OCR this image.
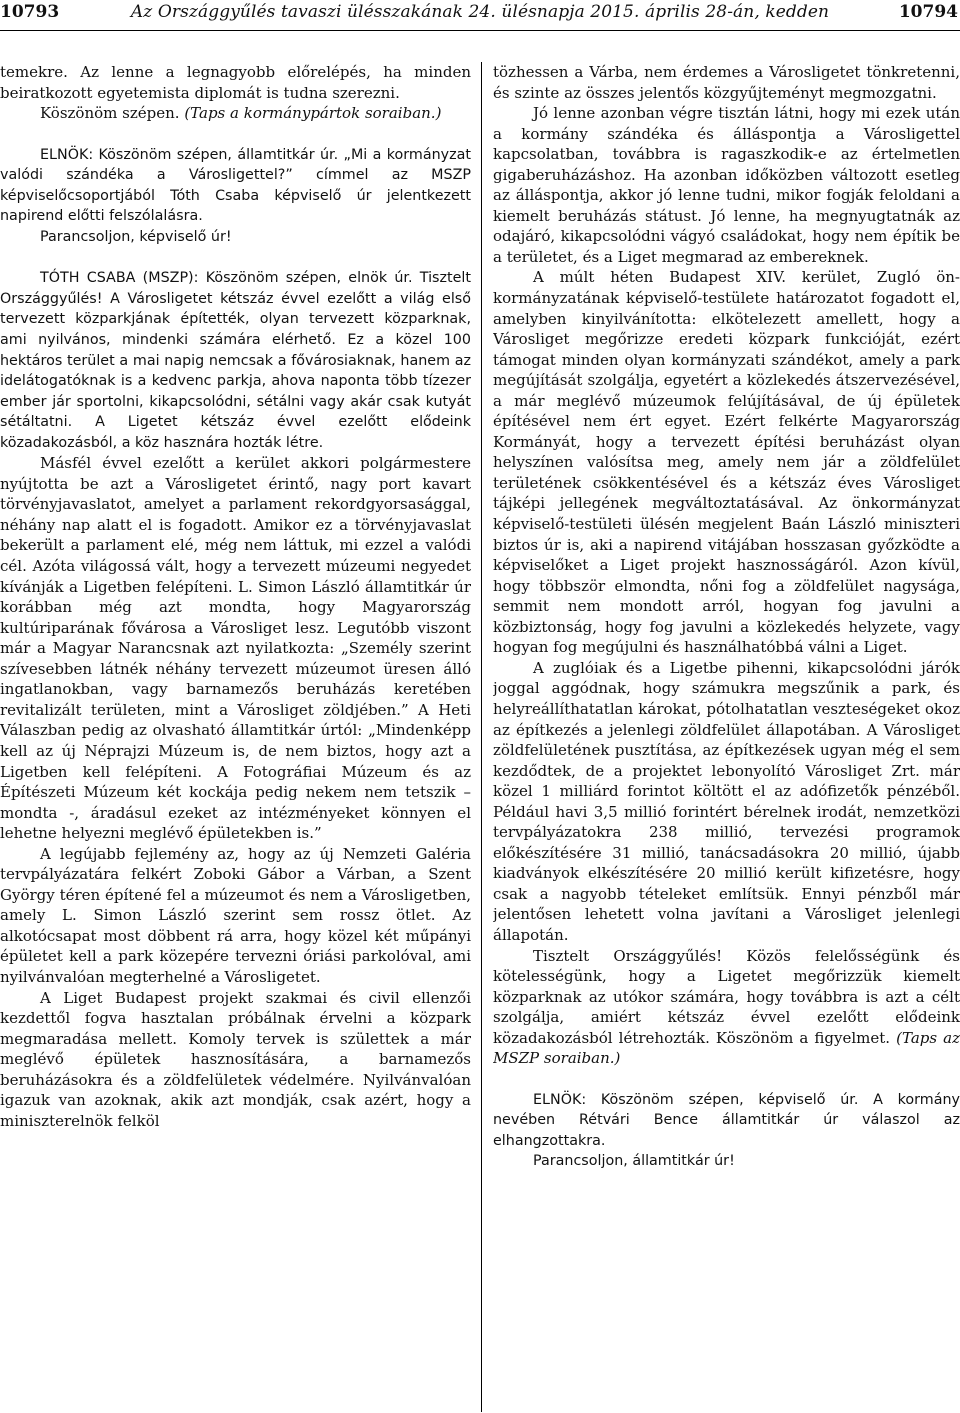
10793	Az Országgyűlés tavaszi ülésszakának 24. ülésnapja 2015. április 28-án, kedden	10794

temekre. Az lenne a legnagyobb előrelépés, ha minden beiratkozott egyetemista diplomát is tudna szerezni.

Köszönöm szépen. (Taps a kormánypártok soraiban.)

ELNÖK: Köszönöm szépen, államtitkár úr. „Mi a kormányzat valódi szándéka a Városligettel?” címmel az MSZP képviselőcsoportjából Tóth Csaba képviselő úr jelentkezett napirend előtti felszólalásra.

Parancsoljon, képviselő úr!

TÓTH CSABA (MSZP): Köszönöm szépen, elnök úr. Tisztelt Országgyűlés! A Városligetet kétszáz évvel ezelőtt a világ első tervezett közparkjának építették, olyan tervezett közparknak, ami nyilvános, mindenki számára elérhető. Ez a közel 100 hektáros terület a mai napig nemcsak a fővárosiaknak, hanem az idelátogatóknak is a kedvenc parkja, ahova naponta több tízezer ember jár sportolni, kikapcsolódni, sétálni vagy akár csak kutyát sétáltatni. A Ligetet kétszáz évvel ezelőtt elődeink közadakozásból, a köz hasznára hozták létre.

Másfél évvel ezelőtt a kerület akkori polgármestere nyújtotta be azt a Városligetet érintő, nagy port kavart törvényjavaslatot, amelyet a parlament rekordgyorsasággal, néhány nap alatt el is fogadott. Amikor ez a törvényjavaslat bekerült a parlament elé, még nem láttuk, mi ezzel a valódi cél. Azóta világossá vált, hogy a tervezett múzeumi negyedet kívánják a Ligetben felépíteni. L. Simon László államtitkár úr korábban még azt mondta, hogy Magyarország kultúriparának fővárosa a Városliget lesz. Legutóbb viszont már a Magyar Narancsnak azt nyilatkozta: „Személy szerint szívesebben látnék néhány tervezett múzeumot üresen álló ingatlanokban, vagy barnamezős beruházás keretében revitalizált területen, mint a Városliget zöldjében.” A Heti Válaszban pedig az olvasható államtitkár úrtól: „Mindenképp kell az új Néprajzi Múzeum is, de nem biztos, hogy azt a Ligetben kell felépíteni. A Fotográfiai Múzeum és az Építészeti Múzeum két kockája pedig nekem nem tetszik – mondta -, áradásul ezeket az intézményeket könnyen el lehetne helyezni meglévő épületekben is.”

A legújabb fejlemény az, hogy az új Nemzeti Galéria tervpályázatára felkért Zoboki Gábor a Várban, a Szent György téren építené fel a múzeumot és nem a Városligetben, amely L. Simon László szerint sem rossz ötlet. Az alkotócsapat most döbbent rá arra, hogy közel két műpányi épületet kell a park közepére tervezni óriási parkolóval, ami nyilvánvalóan megterhelné a Városligetet.

A Liget Budapest projekt szakmai és civil ellenzői kezdettől fogva hasztalan próbálnak érvelni a közpark megmaradása mellett. Komoly tervek is születtek a már meglévő épületek hasznosítására, a barnamezős beruházásokra és a zöldfelületek védelmére. Nyilvánvalóan igazuk van azoknak, akik azt mondják, csak azért, hogy a miniszterelnök felköl

tözhessen a Várba, nem érdemes a Városligetet tönkretenni, és szinte az összes jelentős közgyűjteményt megmozgatni.

Jó lenne azonban végre tisztán látni, hogy mi ezek után a kormány szándéka és álláspontja a Városligettel kapcsolatban, továbbra is ragaszkodik-e az értelmetlen gigaberuházáshoz. Ha azonban időközben változott esetleg az álláspontja, akkor jó lenne tudni, mikor fogják feloldani a kiemelt beruházás státust. Jó lenne, ha megnyugtatnák az odajáró, kikapcsolódni vágyó családokat, hogy nem építik be a területet, és a Liget megmarad az embereknek.

A múlt héten Budapest XIV. kerület, Zugló önkormányzatának képviselő-testülete határozatot fogadott el, amelyben kinyilvánította: elkötelezett amellett, hogy a Városliget megőrizze eredeti közpark funkcióját, ezért támogat minden olyan kormányzati szándékot, amely a park megújítását szolgálja, egyetért a közlekedés átszervezésével, a már meglévő múzeumok felújításával, de új épületek építésével nem ért egyet. Ezért felkérte Magyarország Kormányát, hogy a tervezett építési beruházást olyan helyszínen valósítsa meg, amely nem jár a zöldfelület területének csökkentésével és a kétszáz éves Városliget tájképi jellegének megváltoztatásával. Az önkormányzat képviselő-testületi ülésén megjelent Baán László miniszteri biztos úr is, aki a napirend vitájában hosszasan győzködte a képviselőket a Liget projekt hasznosságáról. Azon kívül, hogy többször elmondta, nőni fog a zöldfelület nagysága, semmit nem mondott arról, hogyan fog javulni a közbiztonság, hogy fog javulni a közlekedés helyzete, vagy hogyan fog megújulni és használhatóbbá válni a Liget.

A zuglóiak és a Ligetbe pihenni, kikapcsolódni járók joggal aggódnak, hogy számukra megszűnik a park, és helyreállíthatatlan károkat, pótolhatatlan veszteségeket okoz az építkezés a jelenlegi zöldfelület állapotában. A Városliget zöldfelületének pusztítása, az építkezések ugyan még el sem kezdődtek, de a projektet lebonyolító Városliget Zrt. már közel 1 milliárd forintot költött el az adófizetők pénzéből. Például havi 3,5 millió forintért bérelnek irodát, nemzetközi tervpályázatokra 238 millió, tervezési programok előkészítésére 31 millió, tanácsadásokra 20 millió, újabb kiadványok elkészítésére 20 millió került kifizetésre, hogy csak a nagyobb tételeket említsük. Ennyi pénzből már jelentősen lehetett volna javítani a Városliget jelenlegi állapotán.

Tisztelt Országgyűlés! Közös felelősségünk és kötelességünk, hogy a Ligetet megőrizzük kiemelt közparknak az utókor számára, hogy továbbra is azt a célt szolgálja, amiért kétszáz évvel ezelőtt elődeink közadakozásból létrehozták. Köszönöm a figyelmet. (Taps az MSZP soraiban.)

ELNÖK: Köszönöm szépen, képviselő úr. A kormány nevében Rétvári Bence államtitkár úr válaszol az elhangzottakra.

Parancsoljon, államtitkár úr!
